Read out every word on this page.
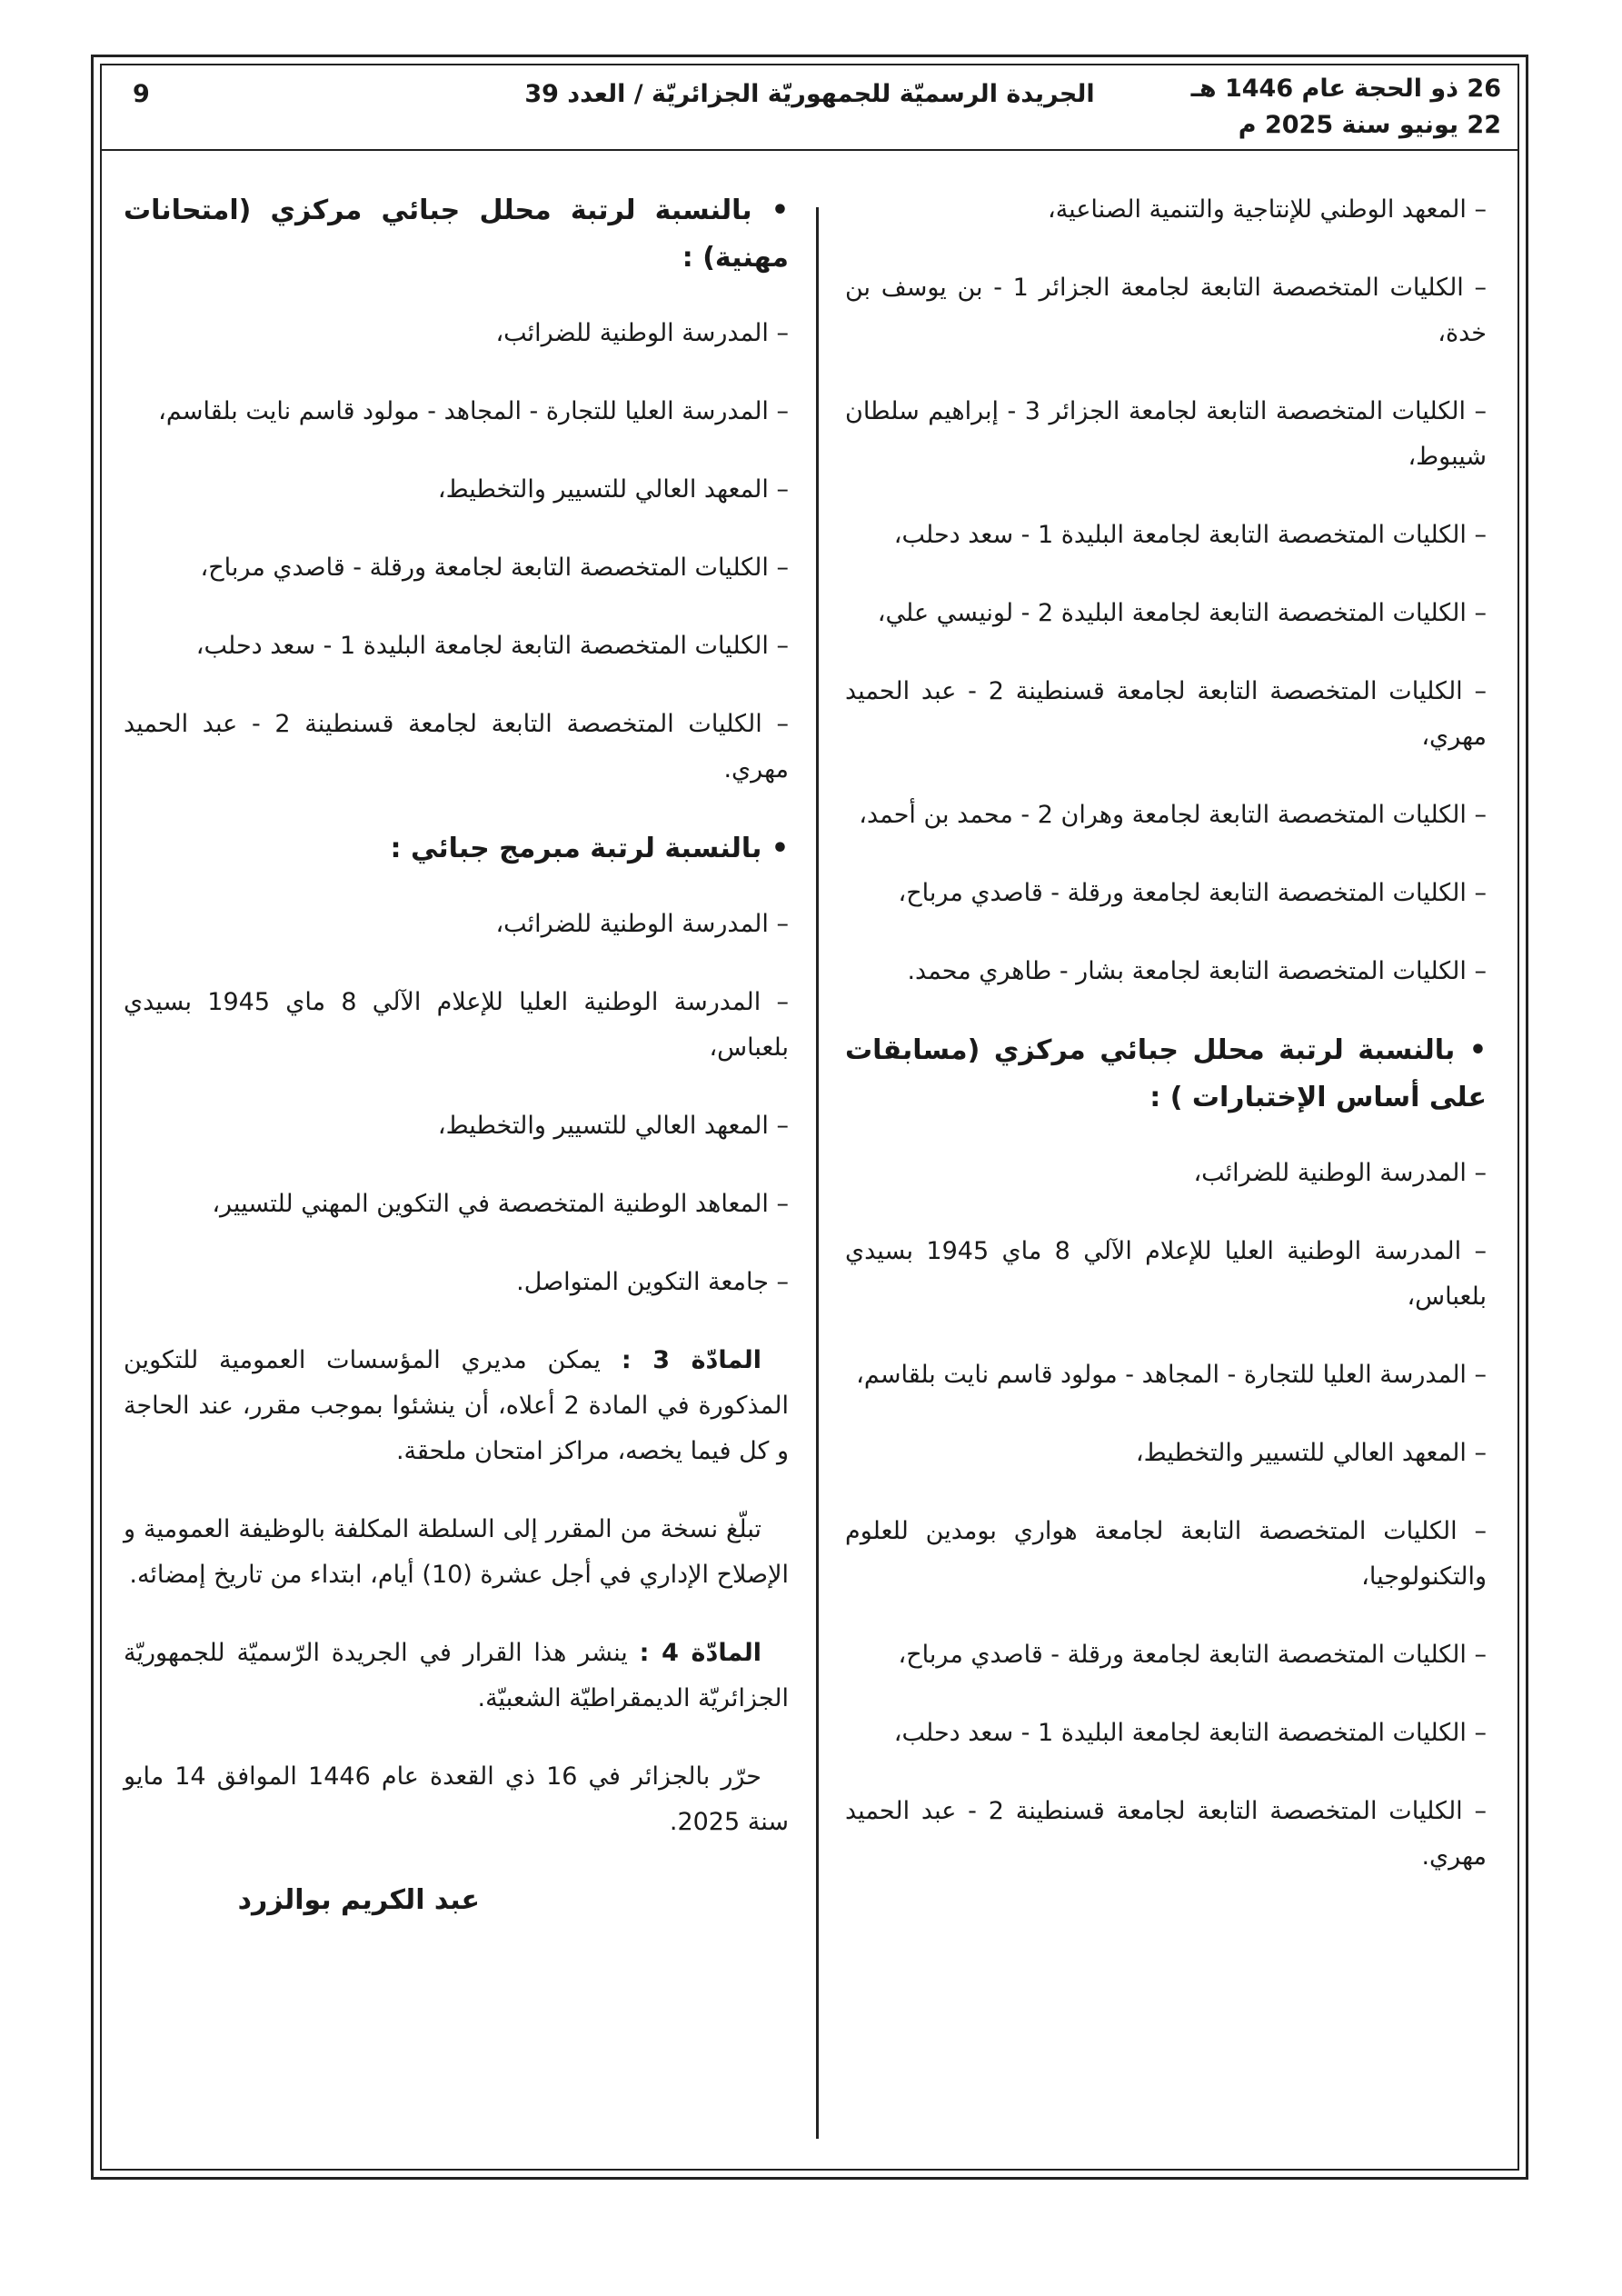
26 ذو الحجة عام 1446 هـ
22 يونيو سنة 2025 م
الجريدة الرسميّة للجمهوريّة الجزائريّة / العدد 39
9
– المعهد الوطني للإنتاجية والتنمية الصناعية،
– الكليات المتخصصة التابعة لجامعة الجزائر 1 - بن يوسف بن خدة،
– الكليات المتخصصة التابعة لجامعة الجزائر 3 - إبراهيم سلطان شيبوط،
– الكليات المتخصصة التابعة لجامعة البليدة 1 - سعد دحلب،
– الكليات المتخصصة التابعة لجامعة البليدة 2 - لونيسي علي،
– الكليات المتخصصة التابعة لجامعة قسنطينة 2 - عبد الحميد مهري،
– الكليات المتخصصة التابعة لجامعة وهران 2 - محمد بن أحمد،
– الكليات المتخصصة التابعة لجامعة ورقلة - قاصدي مرباح،
– الكليات المتخصصة التابعة لجامعة بشار - طاهري محمد.
• بالنسبة لرتبة محلل جبائي مركزي (مسابقات على أساس الإختبارات ) :
– المدرسة الوطنية للضرائب،
– المدرسة الوطنية العليا للإعلام الآلي 8 ماي 1945 بسيدي بلعباس،
– المدرسة العليا للتجارة - المجاهد - مولود قاسم نايت بلقاسم،
– المعهد العالي للتسيير والتخطيط،
– الكليات المتخصصة التابعة لجامعة هواري بومدين للعلوم والتكنولوجيا،
– الكليات المتخصصة التابعة لجامعة ورقلة - قاصدي مرباح،
– الكليات المتخصصة التابعة لجامعة البليدة 1 - سعد دحلب،
– الكليات المتخصصة التابعة لجامعة قسنطينة 2 - عبد الحميد مهري.
• بالنسبة لرتبة محلل جبائي مركزي (امتحانات مهنية) :
– المدرسة الوطنية للضرائب،
– المدرسة العليا للتجارة - المجاهد - مولود قاسم نايت بلقاسم،
– المعهد العالي للتسيير والتخطيط،
– الكليات المتخصصة التابعة لجامعة ورقلة - قاصدي مرباح،
– الكليات المتخصصة التابعة لجامعة البليدة 1 - سعد دحلب،
– الكليات المتخصصة التابعة لجامعة قسنطينة 2 - عبد الحميد مهري.
• بالنسبة لرتبة مبرمج جبائي :
– المدرسة الوطنية للضرائب،
– المدرسة الوطنية العليا للإعلام الآلي 8 ماي 1945 بسيدي بلعباس،
– المعهد العالي للتسيير والتخطيط،
– المعاهد الوطنية المتخصصة في التكوين المهني للتسيير،
– جامعة التكوين المتواصل.
المادّة 3 : يمكن مديري المؤسسات العمومية للتكوين المذكورة في المادة 2 أعلاه، أن ينشئوا بموجب مقرر، عند الحاجة و كل فيما يخصه، مراكز امتحان ملحقة.
تبلّغ نسخة من المقرر إلى السلطة المكلفة بالوظيفة العمومية و الإصلاح الإداري في أجل عشرة (10) أيام، ابتداء من تاريخ إمضائه.
المادّة 4 : ينشر هذا القرار في الجريدة الرّسميّة للجمهوريّة الجزائريّة الديمقراطيّة الشعبيّة.
حرّر بالجزائر في 16 ذي القعدة عام 1446 الموافق 14 مايو سنة 2025.
عبد الكريم بوالزرد
